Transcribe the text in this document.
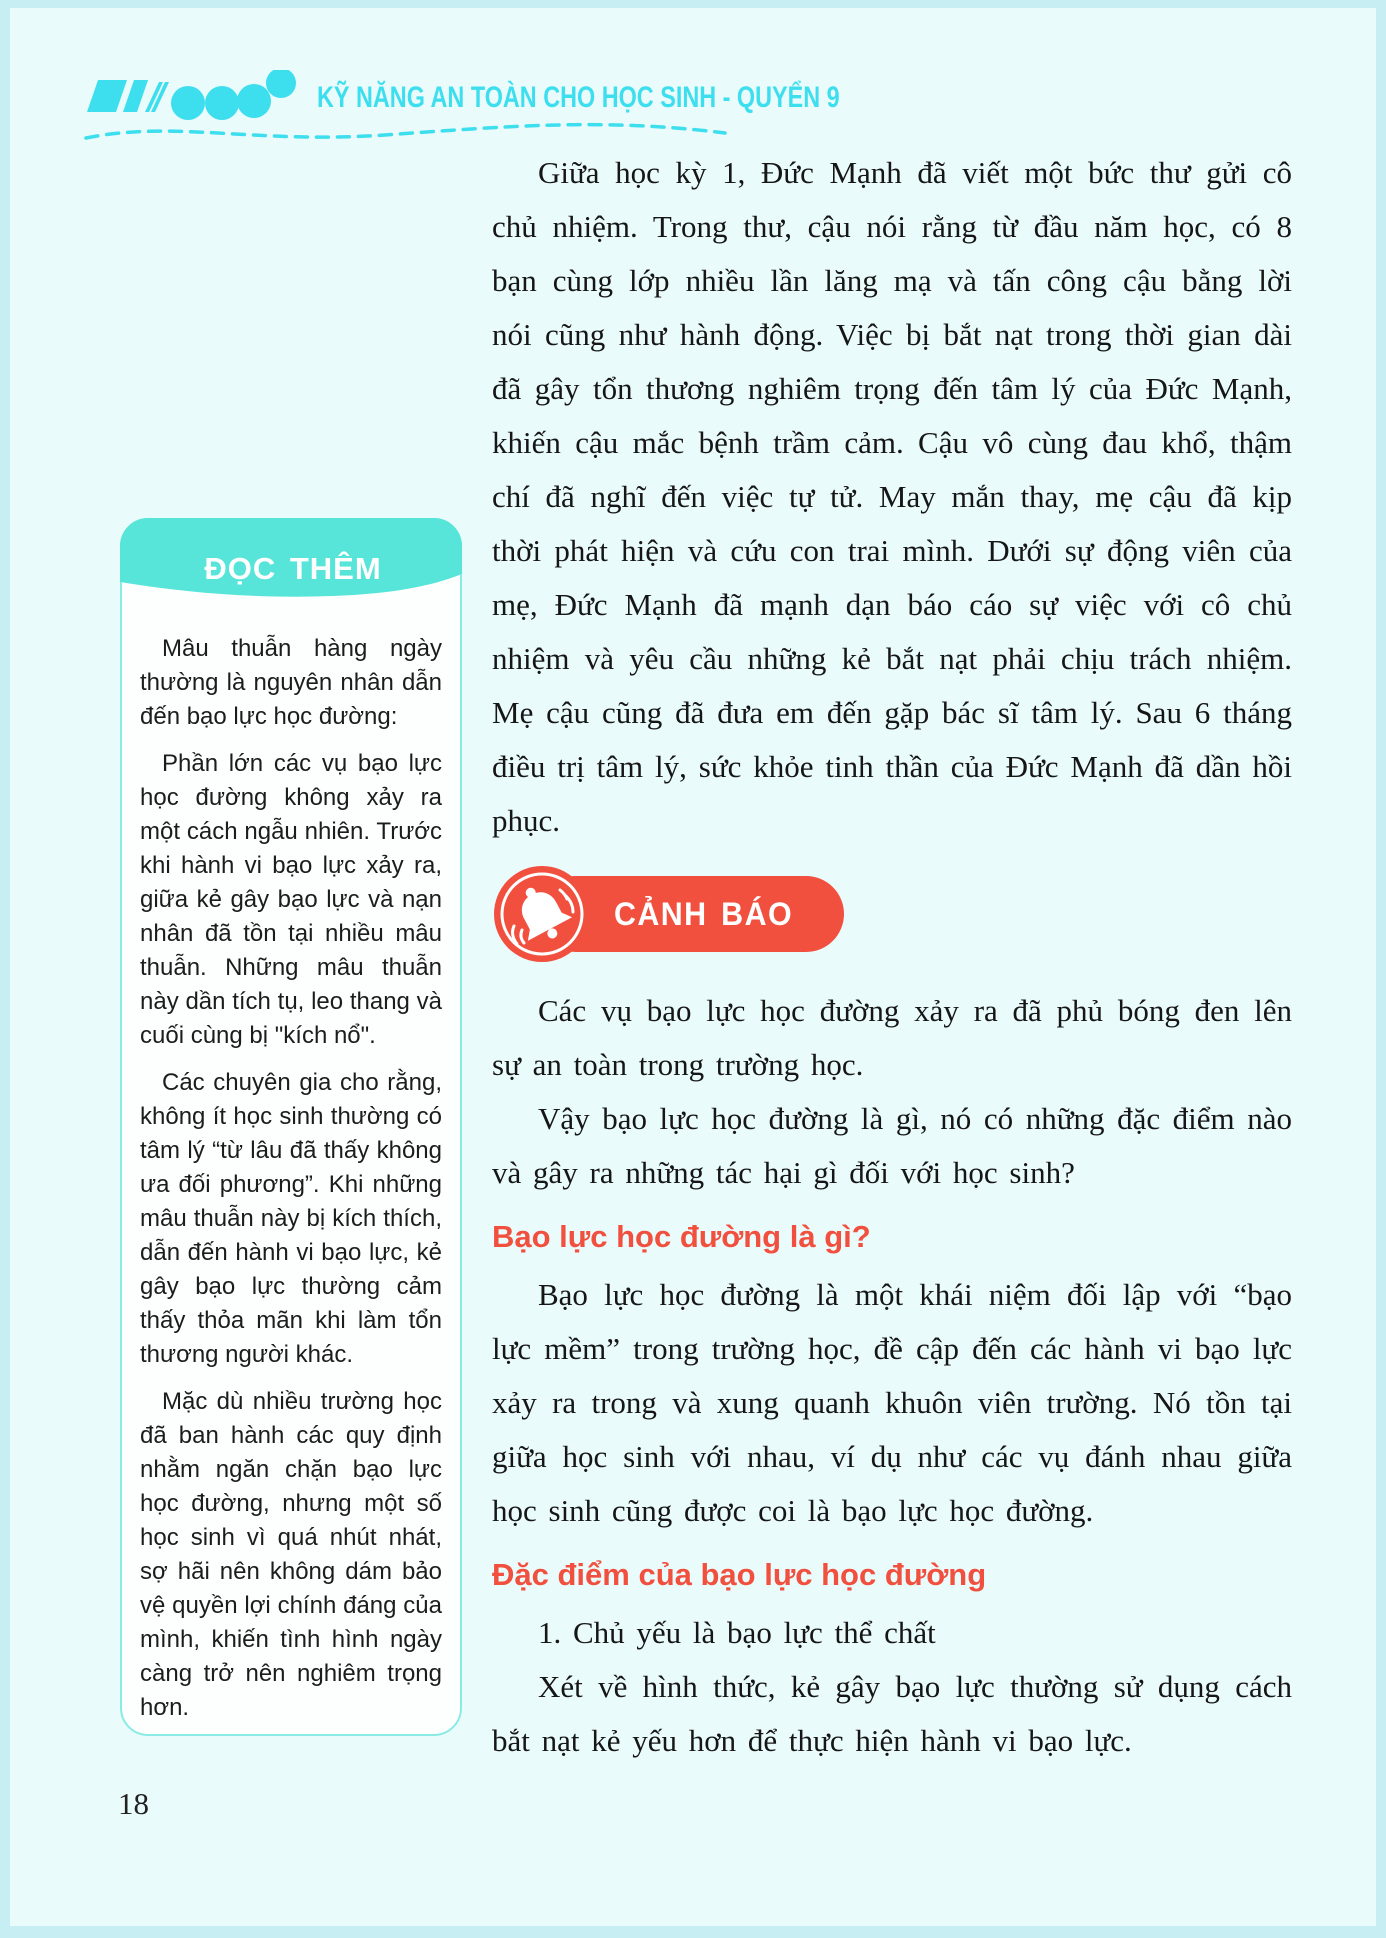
KỸ NĂNG AN TOÀN CHO HỌC SINH - QUYỂN 9
ĐỌC THÊM

Mâu thuẫn hàng ngày thường là nguyên nhân dẫn đến bạo lực học đường:

Phần lớn các vụ bạo lực học đường không xảy ra một cách ngẫu nhiên. Trước khi hành vi bạo lực xảy ra, giữa kẻ gây bạo lực và nạn nhân đã tồn tại nhiều mâu thuẫn. Những mâu thuẫn này dần tích tụ, leo thang và cuối cùng bị "kích nổ".

Các chuyên gia cho rằng, không ít học sinh thường có tâm lý “từ lâu đã thấy không ưa đối phương”. Khi những mâu thuẫn này bị kích thích, dẫn đến hành vi bạo lực, kẻ gây bạo lực thường cảm thấy thỏa mãn khi làm tổn thương người khác.

Mặc dù nhiều trường học đã ban hành các quy định nhằm ngăn chặn bạo lực học đường, nhưng một số học sinh vì quá nhút nhát, sợ hãi nên không dám bảo vệ quyền lợi chính đáng của mình, khiến tình hình ngày càng trở nên nghiêm trọng hơn.

Giữa học kỳ 1, Đức Mạnh đã viết một bức thư gửi cô chủ nhiệm. Trong thư, cậu nói rằng từ đầu năm học, có 8 bạn cùng lớp nhiều lần lăng mạ và tấn công cậu bằng lời nói cũng như hành động. Việc bị bắt nạt trong thời gian dài đã gây tổn thương nghiêm trọng đến tâm lý của Đức Mạnh, khiến cậu mắc bệnh trầm cảm. Cậu vô cùng đau khổ, thậm chí đã nghĩ đến việc tự tử. May mắn thay, mẹ cậu đã kịp thời phát hiện và cứu con trai mình. Dưới sự động viên của mẹ, Đức Mạnh đã mạnh dạn báo cáo sự việc với cô chủ nhiệm và yêu cầu những kẻ bắt nạt phải chịu trách nhiệm. Mẹ cậu cũng đã đưa em đến gặp bác sĩ tâm lý. Sau 6 tháng điều trị tâm lý, sức khỏe tinh thần của Đức Mạnh đã dần hồi phục.

CẢNH BÁO

Các vụ bạo lực học đường xảy ra đã phủ bóng đen lên sự an toàn trong trường học.

Vậy bạo lực học đường là gì, nó có những đặc điểm nào và gây ra những tác hại gì đối với học sinh?

Bạo lực học đường là gì?

Bạo lực học đường là một khái niệm đối lập với “bạo lực mềm” trong trường học, đề cập đến các hành vi bạo lực xảy ra trong và xung quanh khuôn viên trường. Nó tồn tại giữa học sinh với nhau, ví dụ như các vụ đánh nhau giữa học sinh cũng được coi là bạo lực học đường.

Đặc điểm của bạo lực học đường

1. Chủ yếu là bạo lực thể chất

Xét về hình thức, kẻ gây bạo lực thường sử dụng cách bắt nạt kẻ yếu hơn để thực hiện hành vi bạo lực.

18
